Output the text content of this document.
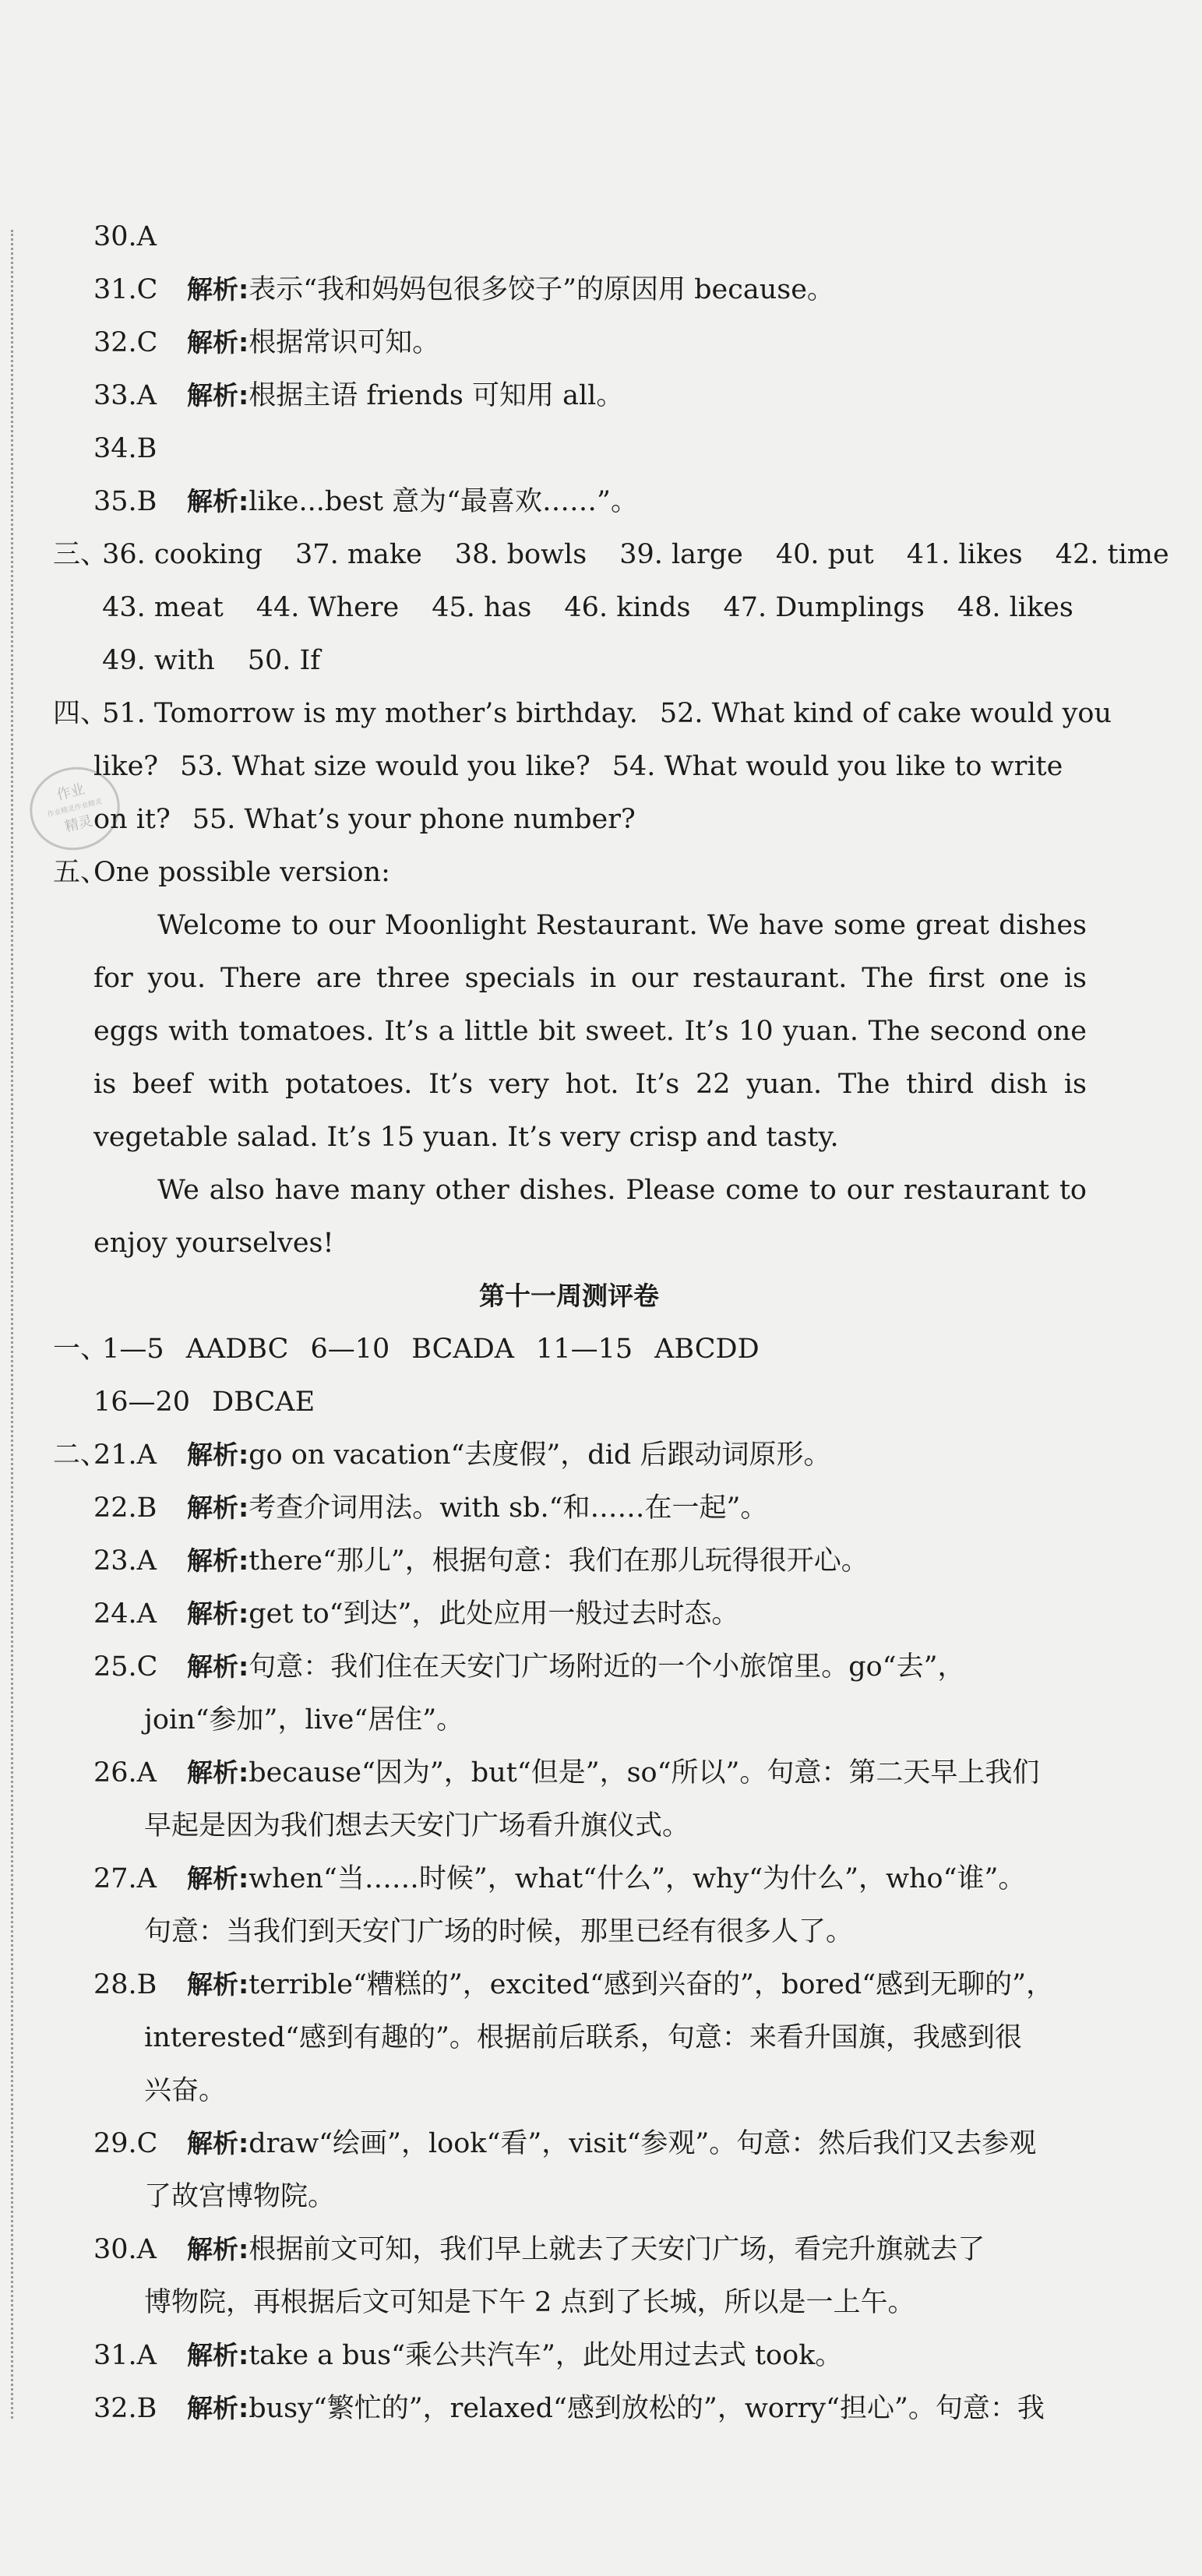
作业
作业精灵作业精灵
精灵
30.A
31.C 解析:表示“我和妈妈包很多饺子”的原因用 because。
32.C 解析:根据常识可知。
33.A 解析:根据主语 friends 可知用 all。
34.B
35.B 解析:like...best 意为“最喜欢……”。
三、 36. cooking 37. make 38. bowls 39. large 40. put 41. likes 42. time
43. meat 44. Where 45. has 46. kinds 47. Dumplings 48. likes
49. with 50. If
四、 51. Tomorrow is my mother’s birthday. 52. What kind of cake would you
like? 53. What size would you like? 54. What would you like to write
on it? 55. What’s your phone number?
五、One possible version:
Welcome to our Moonlight Restaurant. We have some great dishes for you. There are three specials in our restaurant. The first one is eggs with tomatoes. It’s a little bit sweet. It’s 10 yuan. The second one is beef with potatoes. It’s very hot. It’s 22 yuan. The third dish is vegetable salad. It’s 15 yuan. It’s very crisp and tasty.
We also have many other dishes. Please come to our restaurant to enjoy yourselves!
第十一周测评卷
一、 1—5 AADBC 6—10 BCADA 11—15 ABCDD
16—20 DBCAE
二、21.A 解析:go on vacation“去度假”，did 后跟动词原形。
22.B 解析:考查介词用法。with sb.“和……在一起”。
23.A 解析:there“那儿”，根据句意：我们在那儿玩得很开心。
24.A 解析:get to“到达”，此处应用一般过去时态。
25.C 解析:句意：我们住在天安门广场附近的一个小旅馆里。go“去”，
join“参加”，live“居住”。
26.A 解析:because“因为”，but“但是”，so“所以”。句意：第二天早上我们
早起是因为我们想去天安门广场看升旗仪式。
27.A 解析:when“当……时候”，what“什么”，why“为什么”，who“谁”。
句意：当我们到天安门广场的时候，那里已经有很多人了。
28.B 解析:terrible“糟糕的”，excited“感到兴奋的”，bored“感到无聊的”，
interested“感到有趣的”。根据前后联系，句意：来看升国旗，我感到很
兴奋。
29.C 解析:draw“绘画”，look“看”，visit“参观”。句意：然后我们又去参观
了故宫博物院。
30.A 解析:根据前文可知，我们早上就去了天安门广场，看完升旗就去了
博物院，再根据后文可知是下午 2 点到了长城，所以是一上午。
31.A 解析:take a bus“乘公共汽车”，此处用过去式 took。
32.B 解析:busy“繁忙的”，relaxed“感到放松的”，worry“担心”。句意：我
